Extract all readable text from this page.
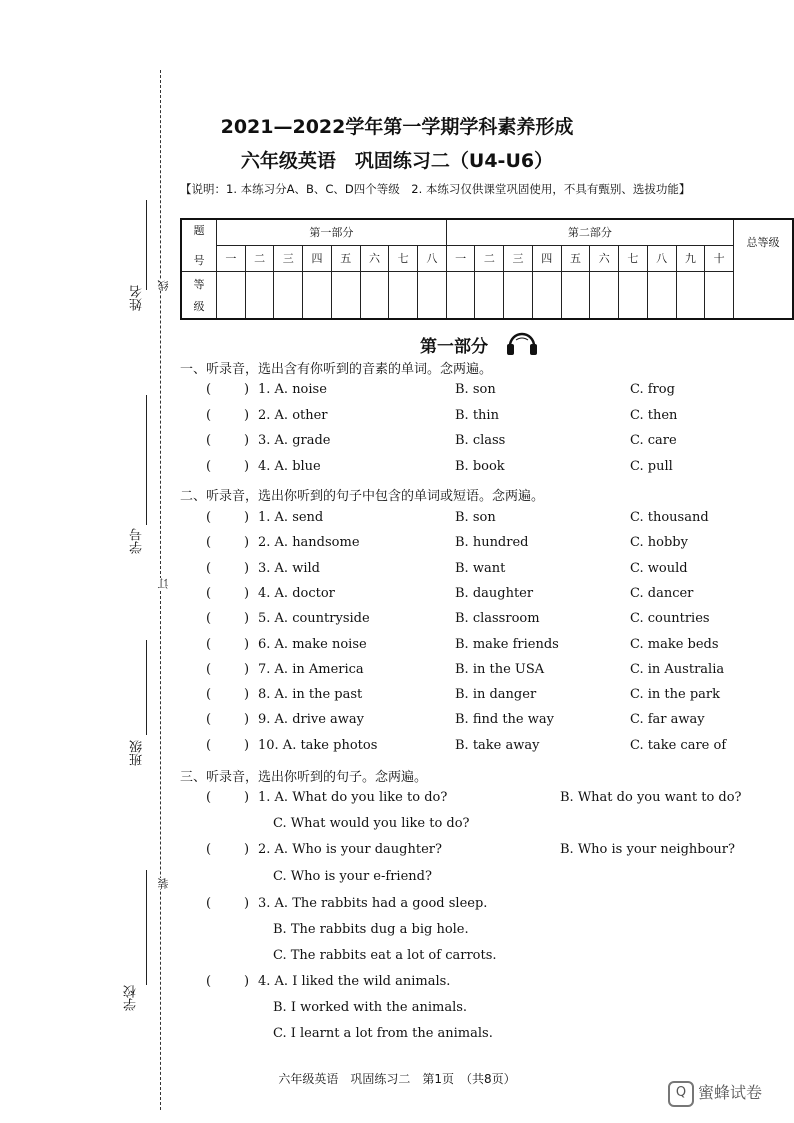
姓名 线
学号
订
班级
装
学校
2021—2022学年第一学期学科素养形成
六年级英语　巩固练习二（U4-U6）
【说明：1. 本练习分A、B、C、D四个等级　2. 本练习仅供课堂巩固使用，不具有甄别、选拔功能】
题
号	第一部分								第二部分										总等级
	一	二	三	四	五	六	七	八	一	二	三	四	五	六	七	八	九	十	

等
级																			

第一部分
一、听录音，选出含有你听到的音素的单词。念两遍。
(	) 1. A. noise	B. son	C. frog
(	) 2. A. other	B. thin	C. then
(	) 3. A. grade	B. class	C. care
(	) 4. A. blue	B. book	C. pull
二、听录音，选出你听到的句子中包含的单词或短语。念两遍。
(	) 1. A. send	B. son	C. thousand
(	) 2. A. handsome	B. hundred	C. hobby
(	) 3. A. wild	B. want	C. would
(	) 4. A. doctor	B. daughter	C. dancer
(	) 5. A. countryside	B. classroom	C. countries
(	) 6. A. make noise	B. make friends	C. make beds
(	) 7. A. in America	B. in the USA	C. in Australia
(	) 8. A. in the past	B. in danger	C. in the park
(	) 9. A. drive away	B. find the way	C. far away
(	) 10. A. take photos	B. take away	C. take care of
三、听录音，选出你听到的句子。念两遍。
(	) 1. A. What do you like to do?	B. What do you want to do?
C. What would you like to do?
(	) 2. A. Who is your daughter?	B. Who is your neighbour?
C. Who is your e-friend?
(	) 3. A. The rabbits had a good sleep.
B. The rabbits dug a big hole.
C. The rabbits eat a lot of carrots.
(	) 4. A. I liked the wild animals.
B. I worked with the animals.
C. I learnt a lot from the animals.
六年级英语　巩固练习二　第1页　（共8页）
Q 蜜蜂试卷
